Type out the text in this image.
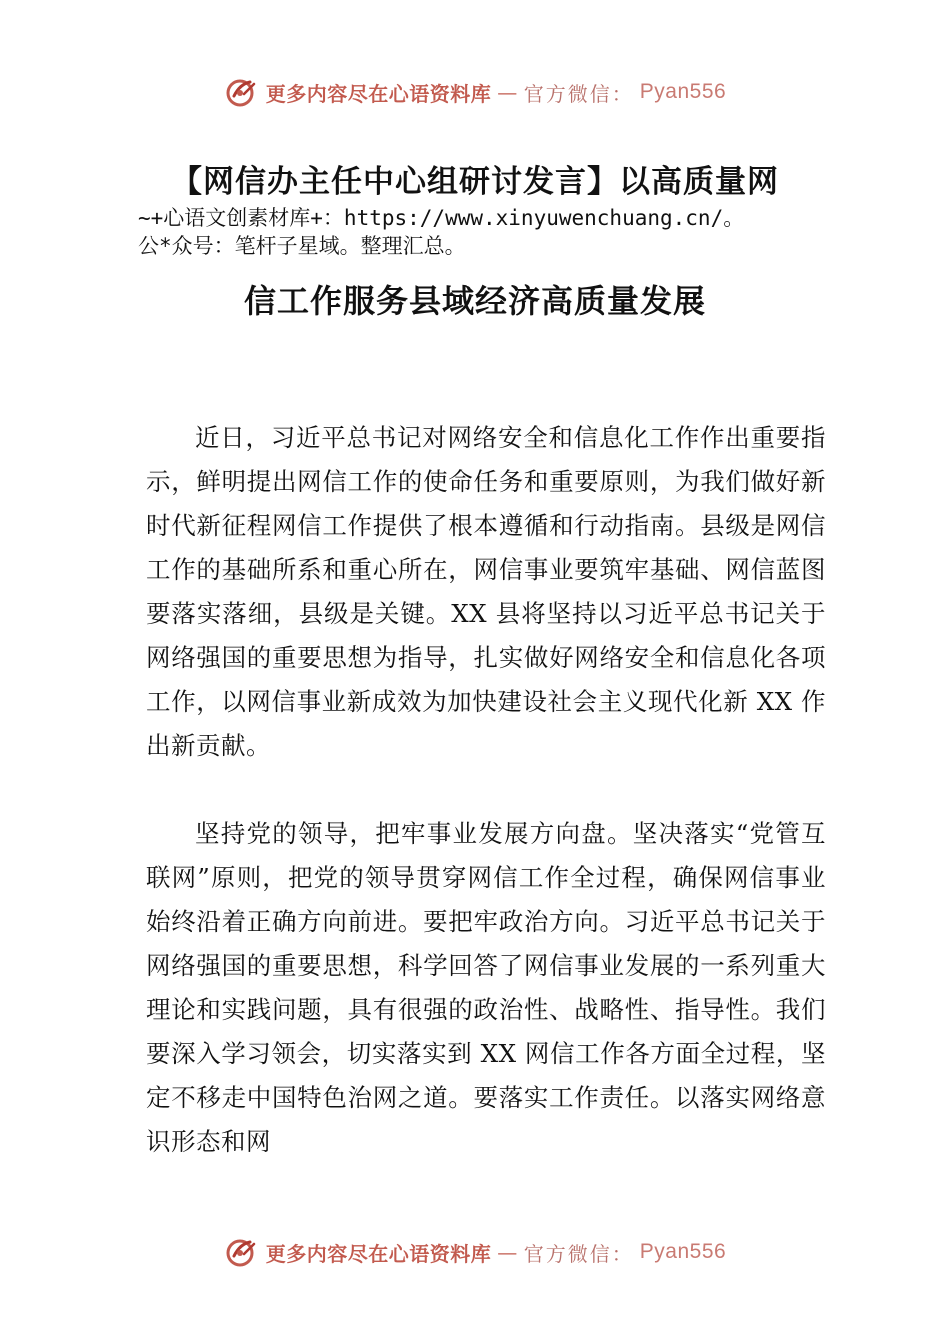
更多内容尽在心语资料库 — 官方微信： Pyan556
【网信办主任中心组研讨发言】以高质量网
~+心语文创素材库+：https://www.xinyuwenchuang.cn/。
公*众号：笔杆子星域。整理汇总。
信工作服务县域经济高质量发展

近日，习近平总书记对网络安全和信息化工作作出重要指示，鲜明提出网信工作的使命任务和重要原则，为我们做好新时代新征程网信工作提供了根本遵循和行动指南。县级是网信工作的基础所系和重心所在，网信事业要筑牢基础、网信蓝图要落实落细，县级是关键。XX 县将坚持以习近平总书记关于网络强国的重要思想为指导，扎实做好网络安全和信息化各项工作，以网信事业新成效为加快建设社会主义现代化新 XX 作出新贡献。

坚持党的领导，把牢事业发展方向盘。坚决落实“党管互联网”原则，把党的领导贯穿网信工作全过程，确保网信事业始终沿着正确方向前进。要把牢政治方向。习近平总书记关于网络强国的重要思想，科学回答了网信事业发展的一系列重大理论和实践问题，具有很强的政治性、战略性、指导性。我们要深入学习领会，切实落实到 XX 网信工作各方面全过程，坚定不移走中国特色治网之道。要落实工作责任。以落实网络意识形态和网

更多内容尽在心语资料库 — 官方微信： Pyan556
